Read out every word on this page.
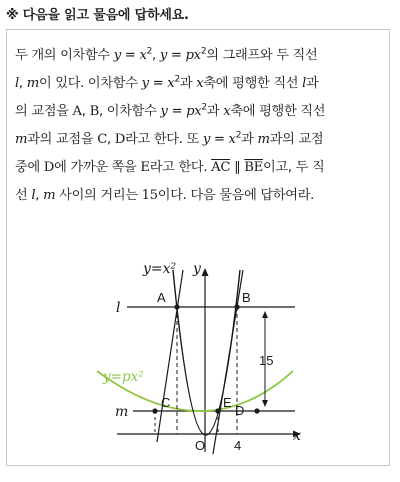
※ 다음을 읽고 물음에 답하세요.
두 개의 이차함수 $y = x^2$, $y = px^2$의 그래프와 두 직선
l, m이 있다. 이차함수 $y = x^2$과 x축에 평행한 직선 l과
의 교점을 A, B, 이차함수 $y = px^2$과 x축에 평행한 직선
m과의 교점을 C, D라고 한다. 또 $y = x^2$과 m과의 교점
중에 D에 가까운 쪽을 E라고 한다. $\overline{AC}$ ∥ $\overline{BE}$이고, 두 직
선 l, m 사이의 거리는 15이다. 다음 물음에 답하여라.
y=x² y
x
l
m
y=px²
A	B
C	E
D
O 4
15
